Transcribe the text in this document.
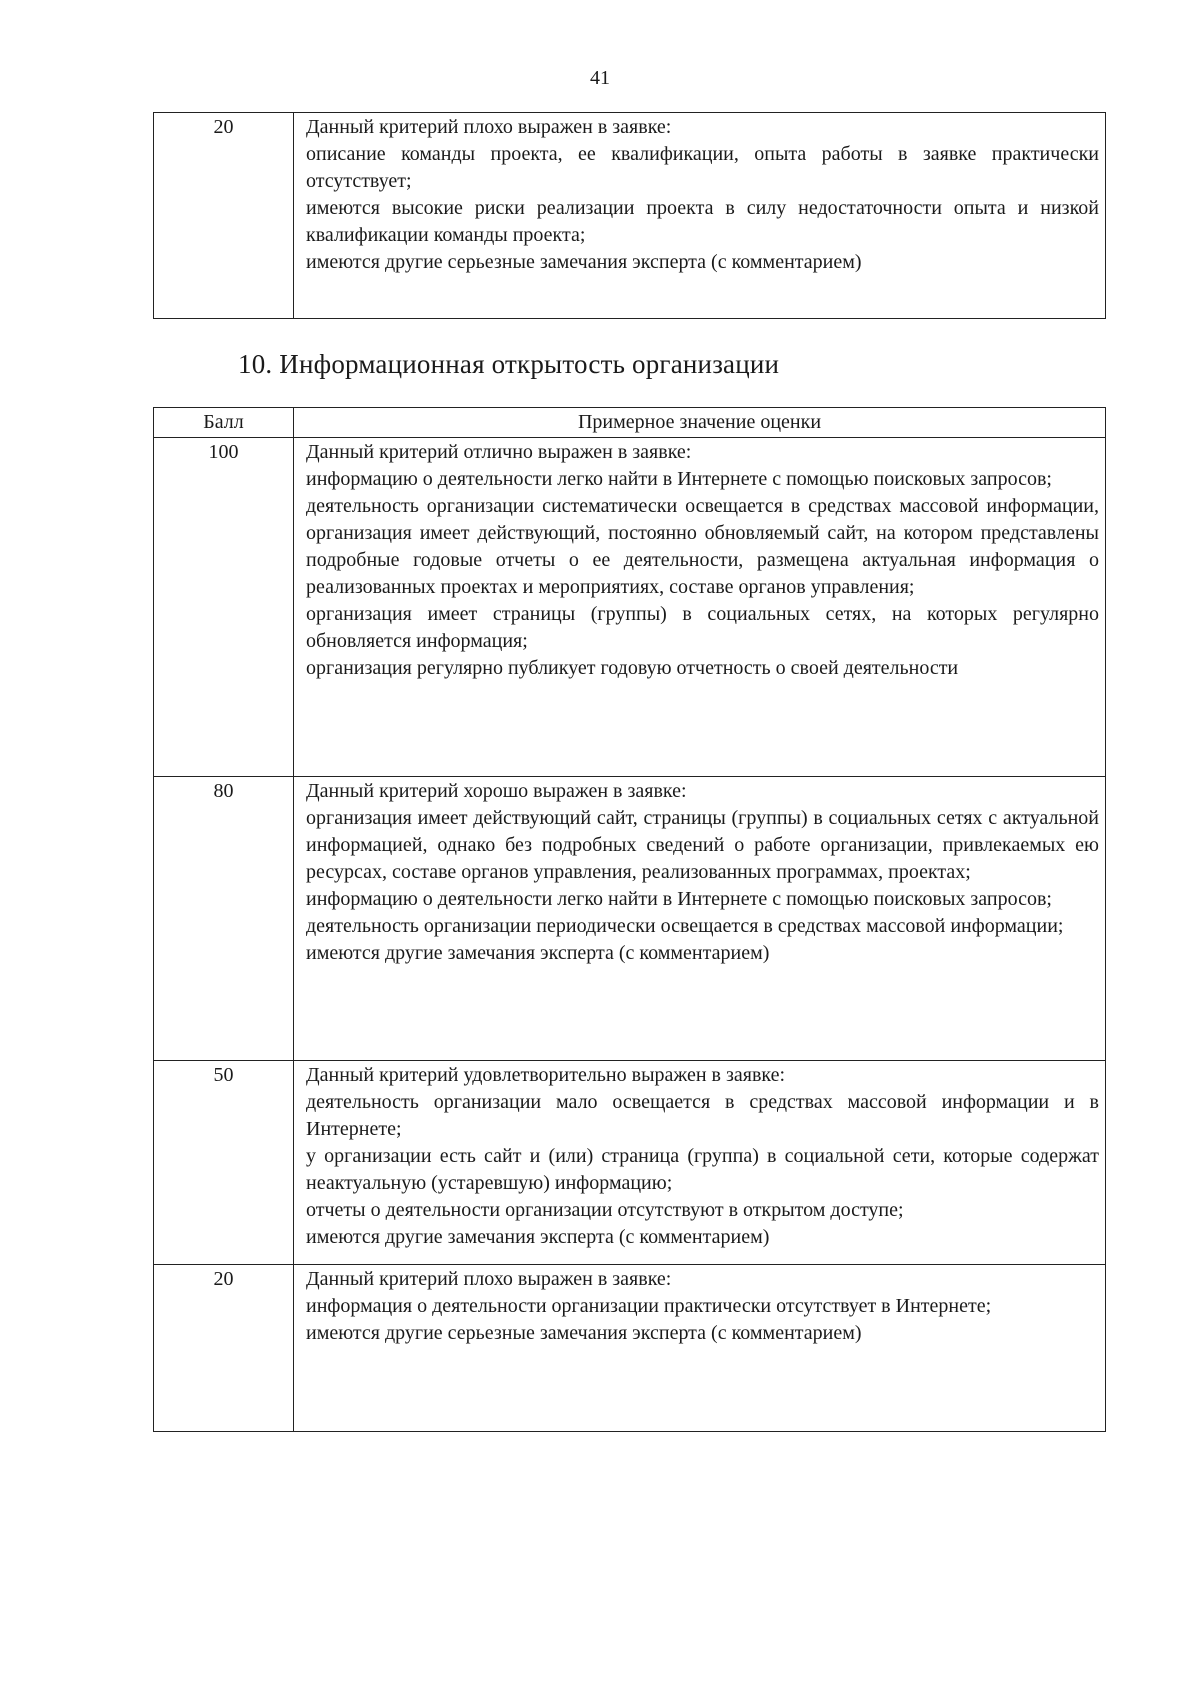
41
20	Данный критерий плохо выражен в заявке:

описание команды проекта, ее квалификации, опыта работы в заявке практически отсутствует;

имеются высокие риски реализации проекта в силу недостаточности опыта и низкой квалификации команды проекта;

имеются другие серьезные замечания эксперта (с комментарием)

10. Информационная открытость организации
Балл	Примерное значение оценки
100	Данный критерий отлично выражен в заявке:

информацию о деятельности легко найти в Интернете с помощью поисковых запросов;

деятельность организации систематически освещается в средствах массовой информации, организация имеет действующий, постоянно обновляемый сайт, на котором представлены подробные годовые отчеты о ее деятельности, размещена актуальная информация о реализованных проектах и мероприятиях, составе органов управления;

организация имеет страницы (группы) в социальных сетях, на которых регулярно обновляется информация;

организация регулярно публикует годовую отчетность о своей деятельности

80	Данный критерий хорошо выражен в заявке:

организация имеет действующий сайт, страницы (группы) в социальных сетях с актуальной информацией, однако без подробных сведений о работе организации, привлекаемых ею ресурсах, составе органов управления, реализованных программах, проектах;

информацию о деятельности легко найти в Интернете с помощью поисковых запросов;

деятельность организации периодически освещается в средствах массовой информации;

имеются другие замечания эксперта (с комментарием)

50	Данный критерий удовлетворительно выражен в заявке:

деятельность организации мало освещается в средствах массовой информации и в Интернете;

у организации есть сайт и (или) страница (группа) в социальной сети, которые содержат неактуальную (устаревшую) информацию;

отчеты о деятельности организации отсутствуют в открытом доступе;

имеются другие замечания эксперта (с комментарием)

20	Данный критерий плохо выражен в заявке:

информация о деятельности организации практически отсутствует в Интернете;

имеются другие серьезные замечания эксперта (с комментарием)
